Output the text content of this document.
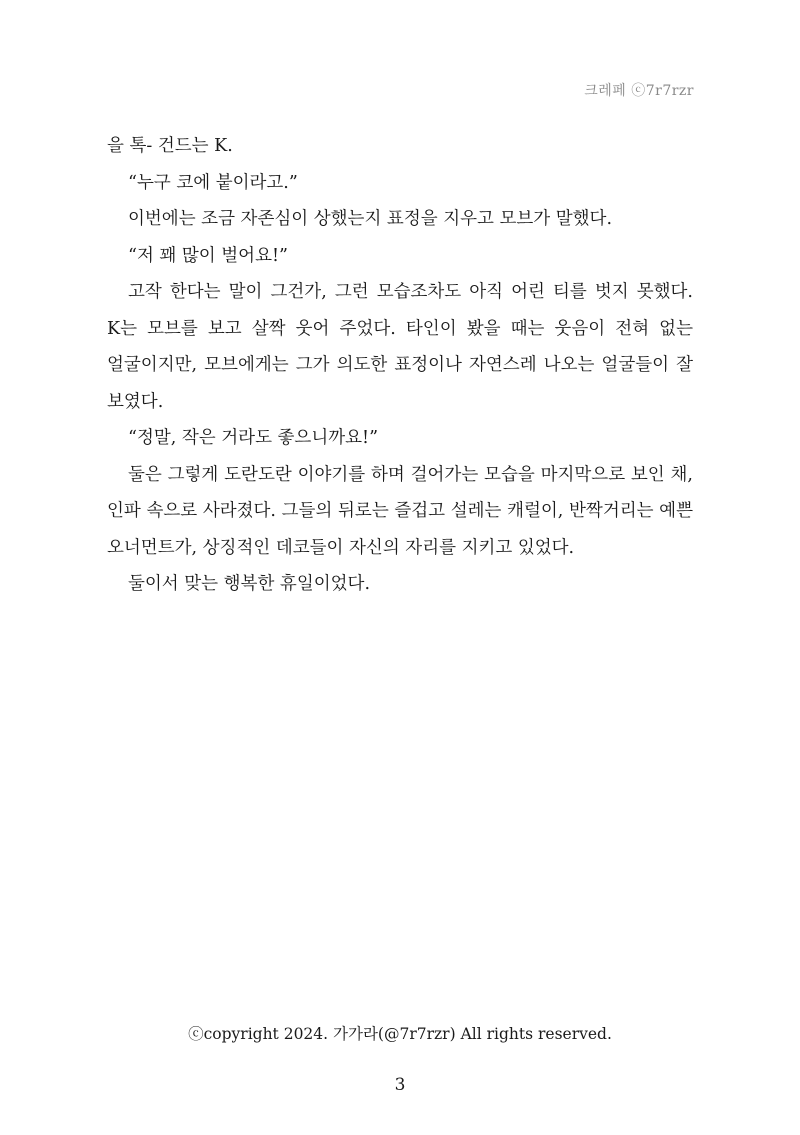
크레페 ⓒ7r7rzr

을 톡- 건드는 K.

“누구 코에 붙이라고.”

이번에는 조금 자존심이 상했는지 표정을 지우고 모브가 말했다.

“저 꽤 많이 벌어요!”

고작 한다는 말이 그건가, 그런 모습조차도 아직 어린 티를 벗지 못했다. K는 모브를 보고 살짝 웃어 주었다. 타인이 봤을 때는 웃음이 전혀 없는 얼굴이지만, 모브에게는 그가 의도한 표정이나 자연스레 나오는 얼굴들이 잘 보였다.

“정말, 작은 거라도 좋으니까요!”

둘은 그렇게 도란도란 이야기를 하며 걸어가는 모습을 마지막으로 보인 채, 인파 속으로 사라졌다. 그들의 뒤로는 즐겁고 설레는 캐럴이, 반짝거리는 예쁜 오너먼트가, 상징적인 데코들이 자신의 자리를 지키고 있었다.

둘이서 맞는 행복한 휴일이었다.

ⓒcopyright 2024. 가가라(@7r7rzr) All rights reserved.
3
